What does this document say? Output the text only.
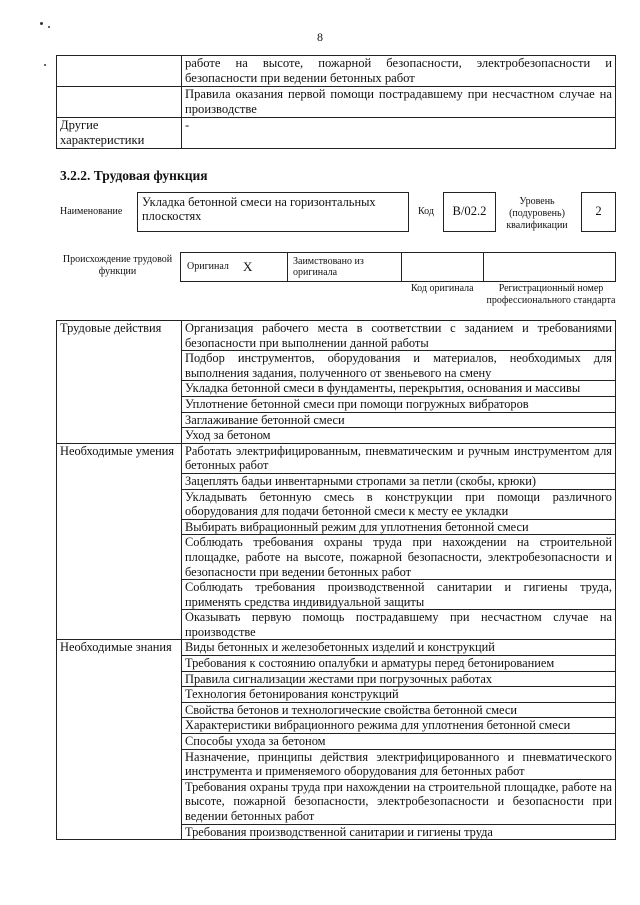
8
	работе на высоте, пожарной безопасности, электробезопасности и безопасности при ведении бетонных работ
	Правила оказания первой помощи пострадавшему при несчастном случае на производстве
Другие характеристики	-
3.2.2. Трудовая функция
Наименование
Укладка бетонной смеси на горизонтальных плоскостях	Код	B/02.2
Уровень (подуровень) квалификации
2
Происхождение трудовой функции	Оригинал Х	Заимствовано из оригинала
Код оригинала	Регистрационный номер профессионального стандарта
Трудовые действия	Организация рабочего места в соответствии с заданием и требованиями безопасности при выполнении данной работы
	Подбор инструментов, оборудования и материалов, необходимых для выполнения задания, полученного от звеньевого на смену
	Укладка бетонной смеси в фундаменты, перекрытия, основания и массивы
	Уплотнение бетонной смеси при помощи погружных вибраторов
	Заглаживание бетонной смеси
	Уход за бетоном
Необходимые умения	Работать электрифицированным, пневматическим и ручным инструментом для бетонных работ
	Зацеплять бадьи инвентарными стропами за петли (скобы, крюки)
	Укладывать бетонную смесь в конструкции при помощи различного оборудования для подачи бетонной смеси к месту ее укладки
	Выбирать вибрационный режим для уплотнения бетонной смеси
	Соблюдать требования охраны труда при нахождении на строительной площадке, работе на высоте, пожарной безопасности, электробезопасности и безопасности при ведении бетонных работ
	Соблюдать требования производственной санитарии и гигиены труда, применять средства индивидуальной защиты
	Оказывать первую помощь пострадавшему при несчастном случае на производстве
Необходимые знания	Виды бетонных и железобетонных изделий и конструкций
	Требования к состоянию опалубки и арматуры перед бетонированием
	Правила сигнализации жестами при погрузочных работах
	Технология бетонирования конструкций
	Свойства бетонов и технологические свойства бетонной смеси
	Характеристики вибрационного режима для уплотнения бетонной смеси
	Способы ухода за бетоном
	Назначение, принципы действия электрифицированного и пневматического инструмента и применяемого оборудования для бетонных работ
	Требования охраны труда при нахождении на строительной площадке, работе на высоте, пожарной безопасности, электробезопасности и безопасности при ведении бетонных работ
	Требования производственной санитарии и гигиены труда
